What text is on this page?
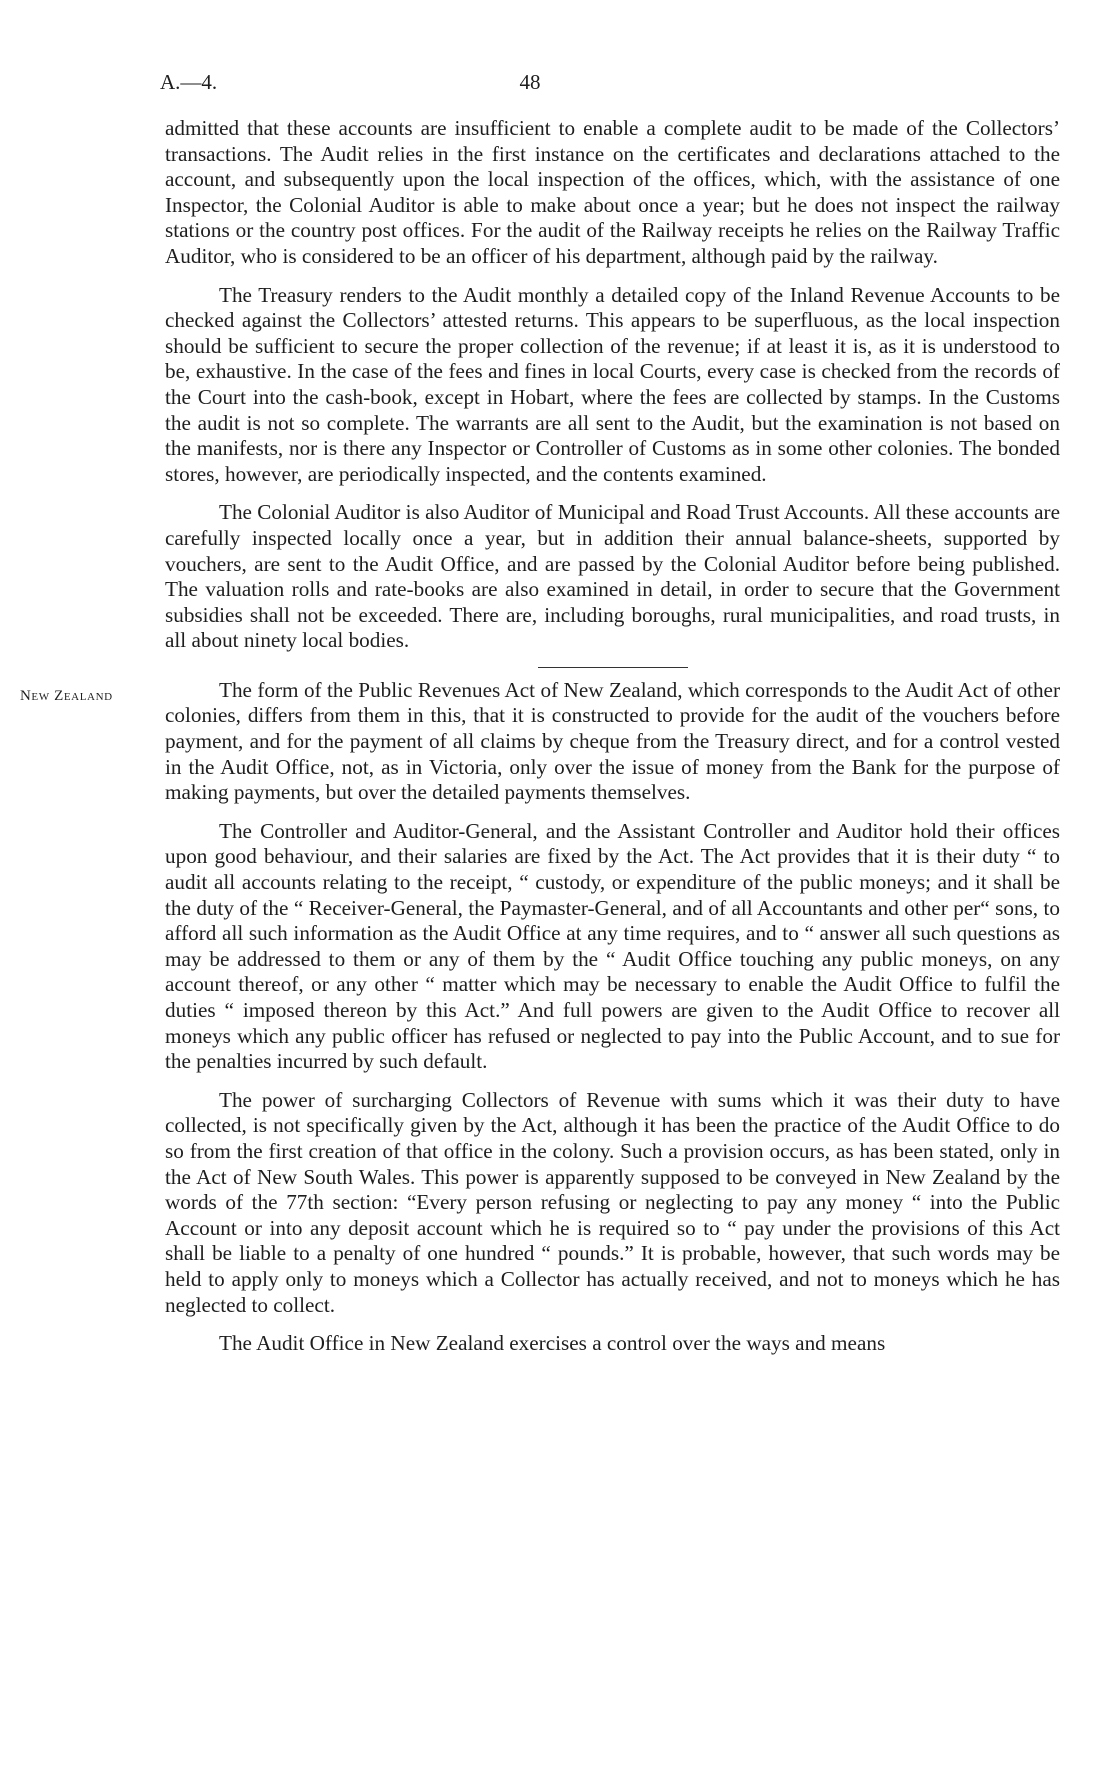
A.—4.	48

admitted that these accounts are insufficient to enable a complete audit to be made of the Collectors’ transactions. The Audit relies in the first instance on the certificates and declarations attached to the account, and subsequently upon the local inspection of the offices, which, with the assistance of one Inspector, the Colonial Auditor is able to make about once a year; but he does not inspect the railway stations or the country post offices. For the audit of the Railway receipts he relies on the Railway Traffic Auditor, who is considered to be an officer of his department, although paid by the railway.

The Treasury renders to the Audit monthly a detailed copy of the Inland Revenue Accounts to be checked against the Collectors’ attested returns. This appears to be superfluous, as the local inspection should be sufficient to secure the proper collection of the revenue; if at least it is, as it is understood to be, exhaustive. In the case of the fees and fines in local Courts, every case is checked from the records of the Court into the cash-book, except in Hobart, where the fees are collected by stamps. In the Customs the audit is not so complete. The warrants are all sent to the Audit, but the examination is not based on the manifests, nor is there any Inspector or Controller of Customs as in some other colonies. The bonded stores, however, are periodically inspected, and the contents examined.

The Colonial Auditor is also Auditor of Municipal and Road Trust Accounts. All these accounts are carefully inspected locally once a year, but in addition their annual balance-sheets, supported by vouchers, are sent to the Audit Office, and are passed by the Colonial Auditor before being published. The valuation rolls and rate-books are also examined in detail, in order to secure that the Government subsidies shall not be exceeded. There are, including boroughs, rural municipalities, and road trusts, in all about ninety local bodies.

New Zealand	The form of the Public Revenues Act of New Zealand, which corresponds to the Audit Act of other colonies, differs from them in this, that it is constructed to provide for the audit of the vouchers before payment, and for the payment of all claims by cheque from the Treasury direct, and for a control vested in the Audit Office, not, as in Victoria, only over the issue of money from the Bank for the purpose of making payments, but over the detailed payments themselves.

The Controller and Auditor-General, and the Assistant Controller and Auditor hold their offices upon good behaviour, and their salaries are fixed by the Act. The Act provides that it is their duty “ to audit all accounts relating to the receipt, “ custody, or expenditure of the public moneys; and it shall be the duty of the “ Receiver-General, the Paymaster-General, and of all Accountants and other per“ sons, to afford all such information as the Audit Office at any time requires, and to “ answer all such questions as may be addressed to them or any of them by the “ Audit Office touching any public moneys, on any account thereof, or any other “ matter which may be necessary to enable the Audit Office to fulfil the duties “ imposed thereon by this Act.” And full powers are given to the Audit Office to recover all moneys which any public officer has refused or neglected to pay into the Public Account, and to sue for the penalties incurred by such default.

The power of surcharging Collectors of Revenue with sums which it was their duty to have collected, is not specifically given by the Act, although it has been the practice of the Audit Office to do so from the first creation of that office in the colony. Such a provision occurs, as has been stated, only in the Act of New South Wales. This power is apparently supposed to be conveyed in New Zealand by the words of the 77th section: “Every person refusing or neglecting to pay any money “ into the Public Account or into any deposit account which he is required so to “ pay under the provisions of this Act shall be liable to a penalty of one hundred “ pounds.” It is probable, however, that such words may be held to apply only to moneys which a Collector has actually received, and not to moneys which he has neglected to collect.

The Audit Office in New Zealand exercises a control over the ways and means
